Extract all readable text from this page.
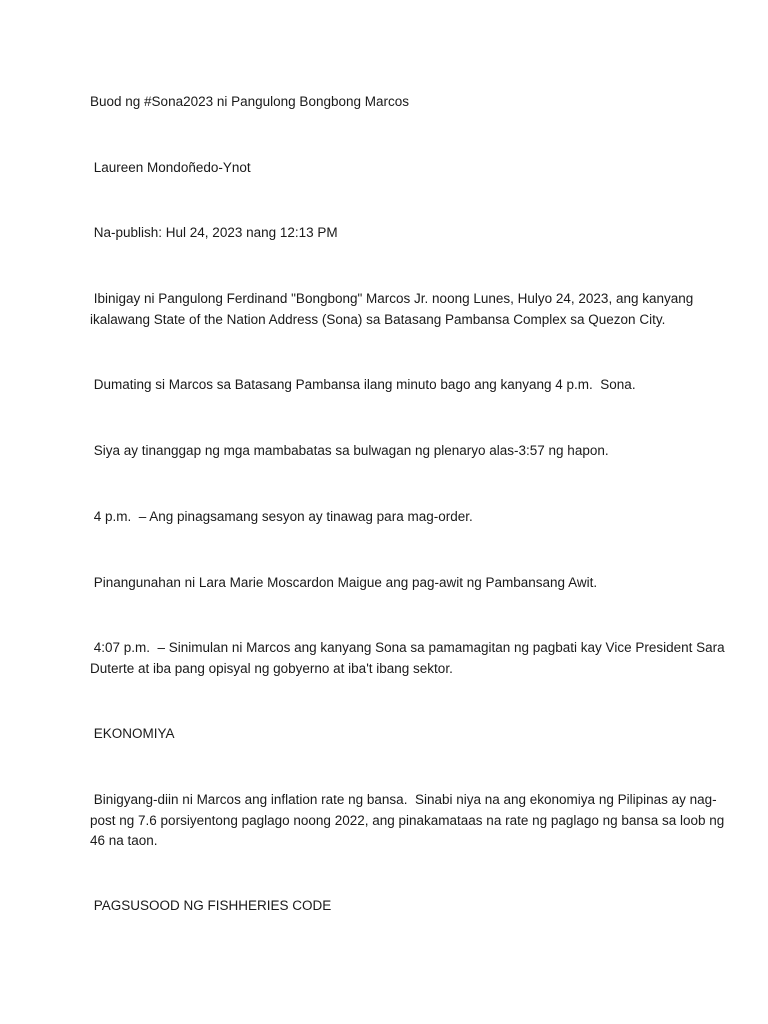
Buod ng #Sona2023 ni Pangulong Bongbong Marcos

Laureen Mondoñedo-Ynot

Na-publish: Hul 24, 2023 nang 12:13 PM

Ibinigay ni Pangulong Ferdinand "Bongbong" Marcos Jr. noong Lunes, Hulyo 24, 2023, ang kanyang

ikalawang State of the Nation Address (Sona) sa Batasang Pambansa Complex sa Quezon City.

Dumating si Marcos sa Batasang Pambansa ilang minuto bago ang kanyang 4 p.m.  Sona.

Siya ay tinanggap ng mga mambabatas sa bulwagan ng plenaryo alas-3:57 ng hapon.

4 p.m.  – Ang pinagsamang sesyon ay tinawag para mag-order.

Pinangunahan ni Lara Marie Moscardon Maigue ang pag-awit ng Pambansang Awit.

4:07 p.m.  – Sinimulan ni Marcos ang kanyang Sona sa pamamagitan ng pagbati kay Vice President Sara

Duterte at iba pang opisyal ng gobyerno at iba't ibang sektor.

EKONOMIYA

Binigyang-diin ni Marcos ang inflation rate ng bansa.  Sinabi niya na ang ekonomiya ng Pilipinas ay nag-

post ng 7.6 porsiyentong paglago noong 2022, ang pinakamataas na rate ng paglago ng bansa sa loob ng

46 na taon.

PAGSUSOOD NG FISHHERIES CODE
